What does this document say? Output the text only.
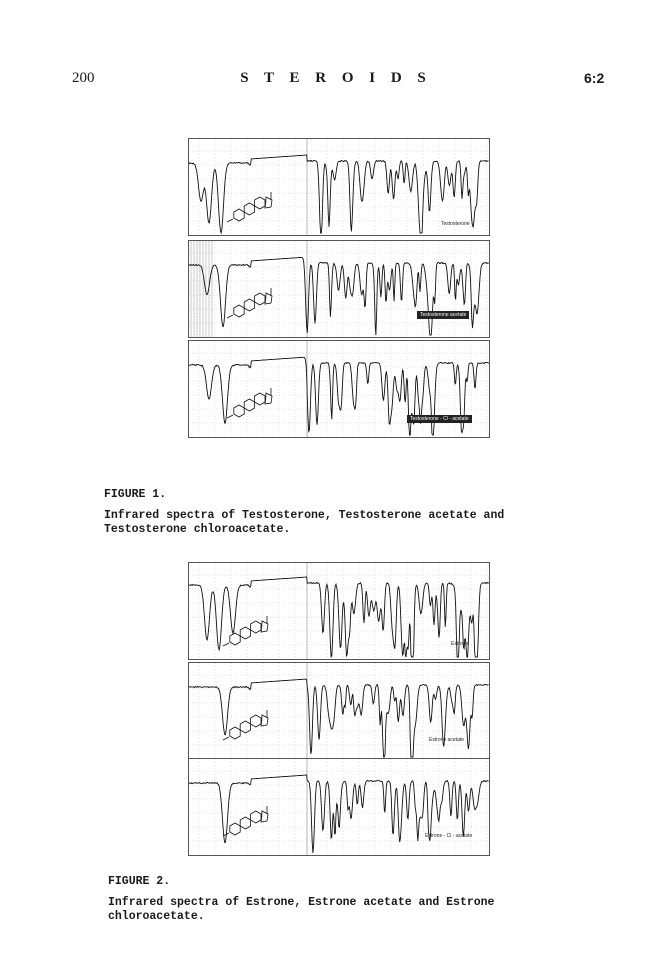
200	S T E R O I D S	6:2
Testosterone
Testosterone acetate
Testosterone - Cl - acetate
FIGURE 1.
Infrared spectra of Testosterone, Testosterone acetate and
Testosterone chloroacetate.
Estrone
Estrone acetate
Estrone - Cl - acetate
FIGURE 2.
Infrared spectra of Estrone, Estrone acetate and Estrone
chloroacetate.
